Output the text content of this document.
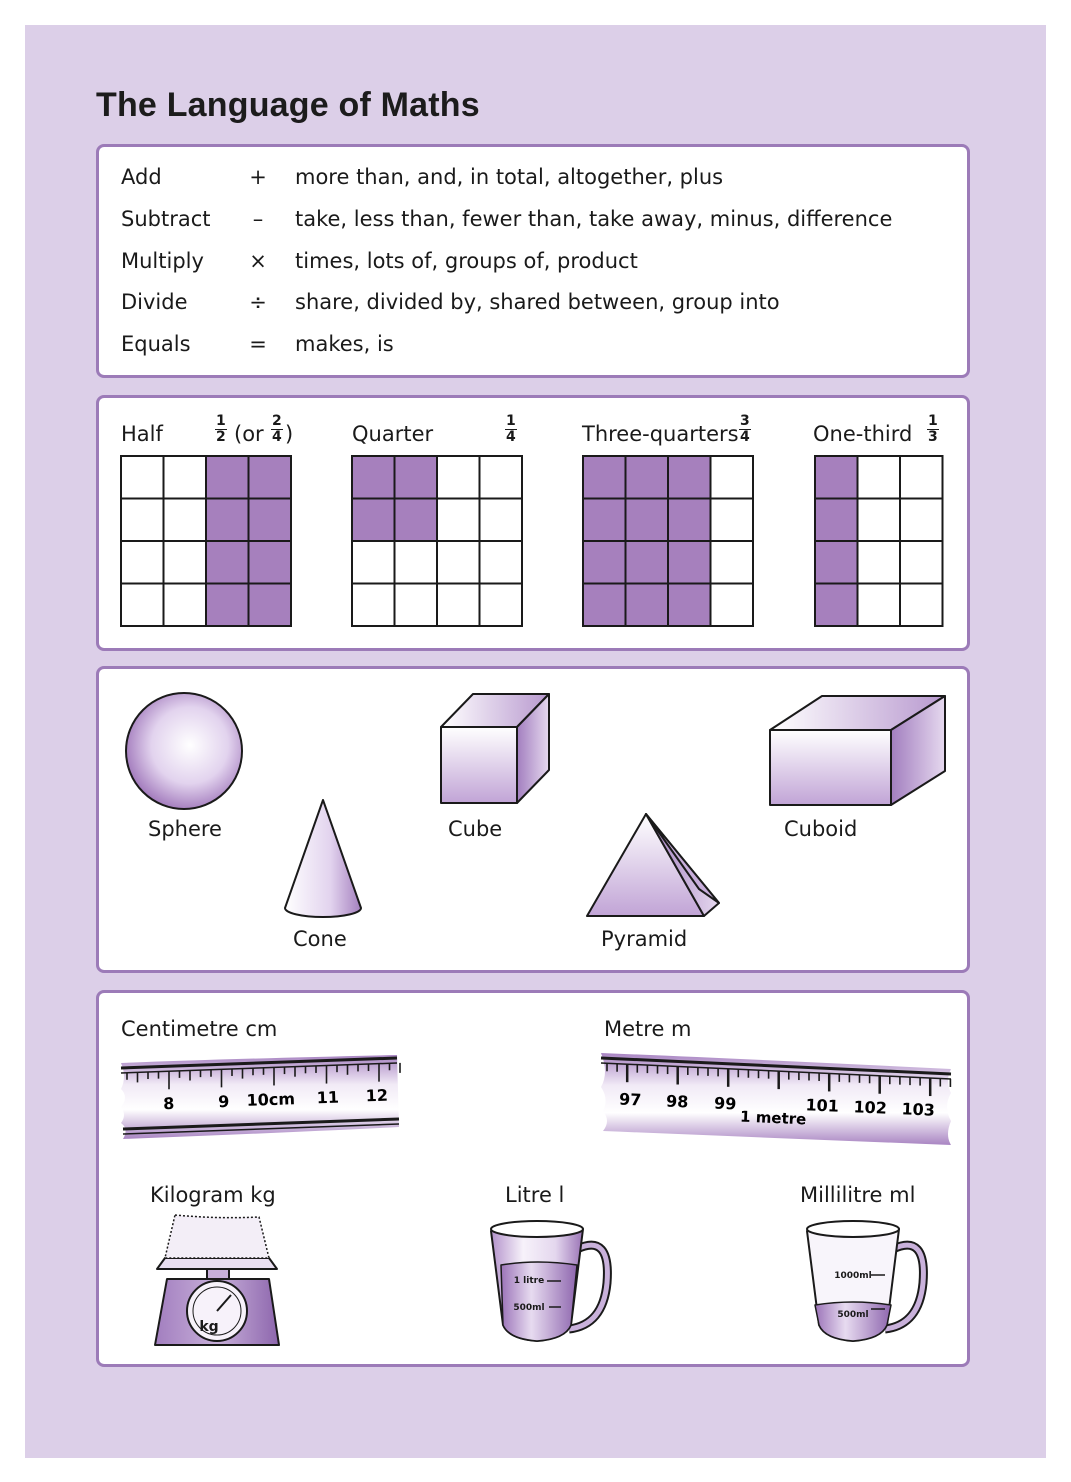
The Language of Maths
Add	+ more than, and, in total, altogether, plus
Subtract	–	take, less than, fewer than, take away, minus, difference
Multiply × times, lots of, groups of, product
Divide	÷ share, divided by, shared between, group into
Equals	= makes, is
Half	$\frac{1}{2} (or \frac{2}{4}$ )	Quarter	$\frac{1}{4}$	Three-quarters $\frac{3}{4}$	One-third $\frac{1}{3}$
Sphere
Cone
Cube
Pyramid
Cuboid
Centimetre cm	Metre m
Kilogram kg	Litre l	Millilitre ml
8	9 10cm 11 12	97 98 99
1 metre
101 102 103
kg
1 litre
500ml
1000ml
500ml
